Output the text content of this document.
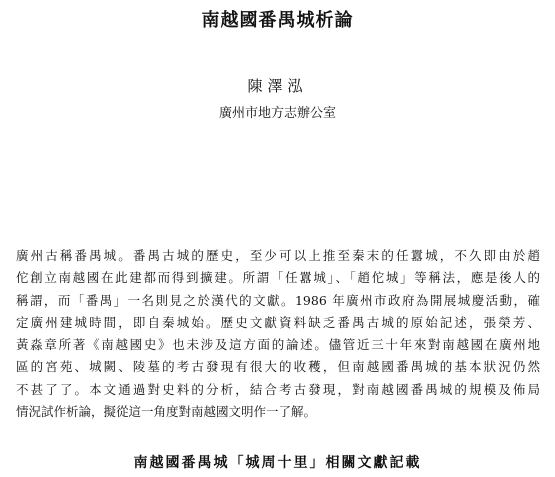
南越國番禺城析論
陳澤泓
廣州市地方志辦公室
廣州古稱番禺城。番禺古城的歷史，至少可以上推至秦末的任囂城，不久即由於趙
佗創立南越國在此建都而得到擴建。所謂「任囂城」、「趙佗城」等稱法，應是後人的
稱謂，而「番禺」一名則見之於漢代的文獻。1986 年廣州市政府為開展城慶活動，確
定廣州建城時間，即自秦城始。歷史文獻資料缺乏番禺古城的原始記述，張榮芳、
黃淼章所著《南越國史》也未涉及這方面的論述。儘管近三十年來對南越國在廣州地
區的宮苑、城闕、陵墓的考古發現有很大的收穫，但南越國番禺城的基本狀況仍然
不甚了了。本文通過對史料的分析，結合考古發現，對南越國番禺城的規模及佈局
情況試作析論，擬從這一角度對南越國文明作一了解。
南越國番禺城「城周十里」相關文獻記載
